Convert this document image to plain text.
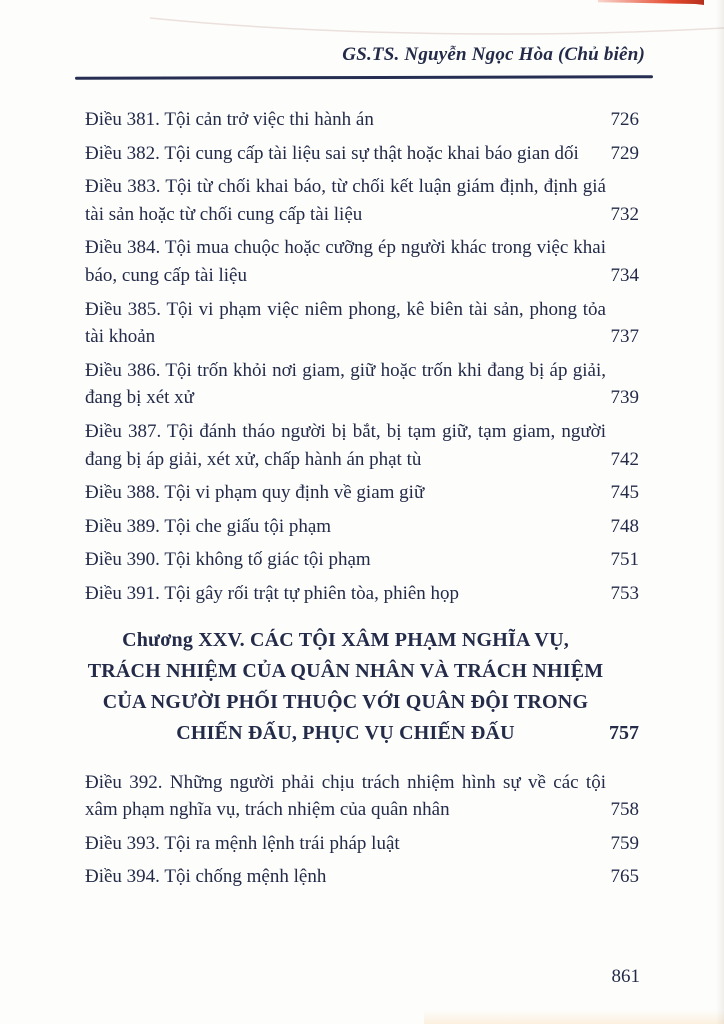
GS.TS. Nguyễn Ngọc Hòa (Chủ biên)
Điều 381. Tội cản trở việc thi hành án	726
Điều 382. Tội cung cấp tài liệu sai sự thật hoặc khai báo gian dối	729
Điều 383. Tội từ chối khai báo, từ chối kết luận giám định, định giá tài sản hoặc từ chối cung cấp tài liệu	732
Điều 384. Tội mua chuộc hoặc cưỡng ép người khác trong việc khai báo, cung cấp tài liệu	734
Điều 385. Tội vi phạm việc niêm phong, kê biên tài sản, phong tỏa tài khoản	737
Điều 386. Tội trốn khỏi nơi giam, giữ hoặc trốn khi đang bị áp giải, đang bị xét xử	739
Điều 387. Tội đánh tháo người bị bắt, bị tạm giữ, tạm giam, người đang bị áp giải, xét xử, chấp hành án phạt tù	742
Điều 388. Tội vi phạm quy định về giam giữ	745
Điều 389. Tội che giấu tội phạm	748
Điều 390. Tội không tố giác tội phạm	751
Điều 391. Tội gây rối trật tự phiên tòa, phiên họp	753
Chương XXV. CÁC TỘI XÂM PHẠM NGHĨA VỤ,
TRÁCH NHIỆM CỦA QUÂN NHÂN VÀ TRÁCH NHIỆM
CỦA NGƯỜI PHỐI THUỘC VỚI QUÂN ĐỘI TRONG
CHIẾN ĐẤU, PHỤC VỤ CHIẾN ĐẤU	757
Điều 392. Những người phải chịu trách nhiệm hình sự về các tội xâm phạm nghĩa vụ, trách nhiệm của quân nhân	758
Điều 393. Tội ra mệnh lệnh trái pháp luật	759
Điều 394. Tội chống mệnh lệnh	765
861
